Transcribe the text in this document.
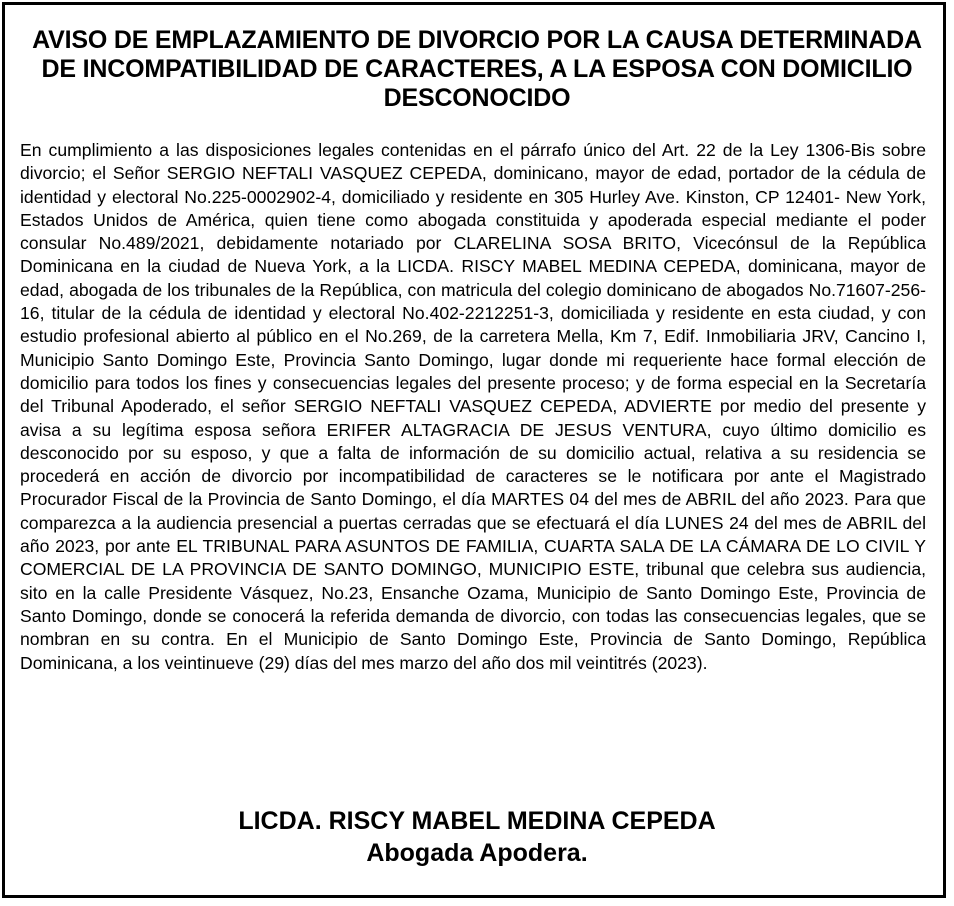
AVISO DE EMPLAZAMIENTO DE DIVORCIO POR LA CAUSA DETERMINADA DE INCOMPATIBILIDAD DE CARACTERES, A LA ESPOSA CON DOMICILIO DESCONOCIDO

En cumplimiento a las disposiciones legales contenidas en el párrafo único del Art. 22 de la Ley 1306-Bis sobre divorcio; el Señor SERGIO NEFTALI VASQUEZ CEPEDA, dominicano, mayor de edad, portador de la cédula de identidad y electoral No.225-0002902-4, domiciliado y residente en 305 Hurley Ave. Kinston, CP 12401- New York, Estados Unidos de América, quien tiene como abogada constituida y apoderada especial mediante el poder consular No.489/2021, debidamente notariado por CLARELINA SOSA BRITO, Vicecónsul de la República Dominicana en la ciudad de Nueva York, a la LICDA. RISCY MABEL MEDINA CEPEDA, dominicana, mayor de edad, abogada de los tribunales de la República, con matricula del colegio dominicano de abogados No.71607-256-16, titular de la cédula de identidad y electoral No.402-2212251-3, domiciliada y residente en esta ciudad, y con estudio profesional abierto al público en el No.269, de la carretera Mella, Km 7, Edif. Inmobiliaria JRV, Cancino I, Municipio Santo Domingo Este, Provincia Santo Domingo, lugar donde mi requeriente hace formal elección de domicilio para todos los fines y consecuencias legales del presente proceso; y de forma especial en la Secretaría del Tribunal Apoderado, el señor SERGIO NEFTALI VASQUEZ CEPEDA, ADVIERTE por medio del presente y avisa a su legítima esposa señora ERIFER ALTAGRACIA DE JESUS VENTURA, cuyo último domicilio es desconocido por su esposo, y que a falta de información de su domicilio actual, relativa a su residencia se procederá en acción de divorcio por incompatibilidad de caracteres se le notificara por ante el Magistrado Procurador Fiscal de la Provincia de Santo Domingo, el día MARTES 04 del mes de ABRIL del año 2023. Para que comparezca a la audiencia presencial a puertas cerradas que se efectuará el día LUNES 24 del mes de ABRIL del año 2023, por ante EL TRIBUNAL PARA ASUNTOS DE FAMILIA, CUARTA SALA DE LA CÁMARA DE LO CIVIL Y COMERCIAL DE LA PROVINCIA DE SANTO DOMINGO, MUNICIPIO ESTE, tribunal que celebra sus audiencia, sito en la calle Presidente Vásquez, No.23, Ensanche Ozama, Municipio de Santo Domingo Este, Provincia de Santo Domingo, donde se conocerá la referida demanda de divorcio, con todas las consecuencias legales, que se nombran en su contra. En el Municipio de Santo Domingo Este, Provincia de Santo Domingo, República Dominicana, a los veintinueve (29) días del mes marzo del año dos mil veintitrés (2023).

LICDA. RISCY MABEL MEDINA CEPEDA

Abogada Apodera.
